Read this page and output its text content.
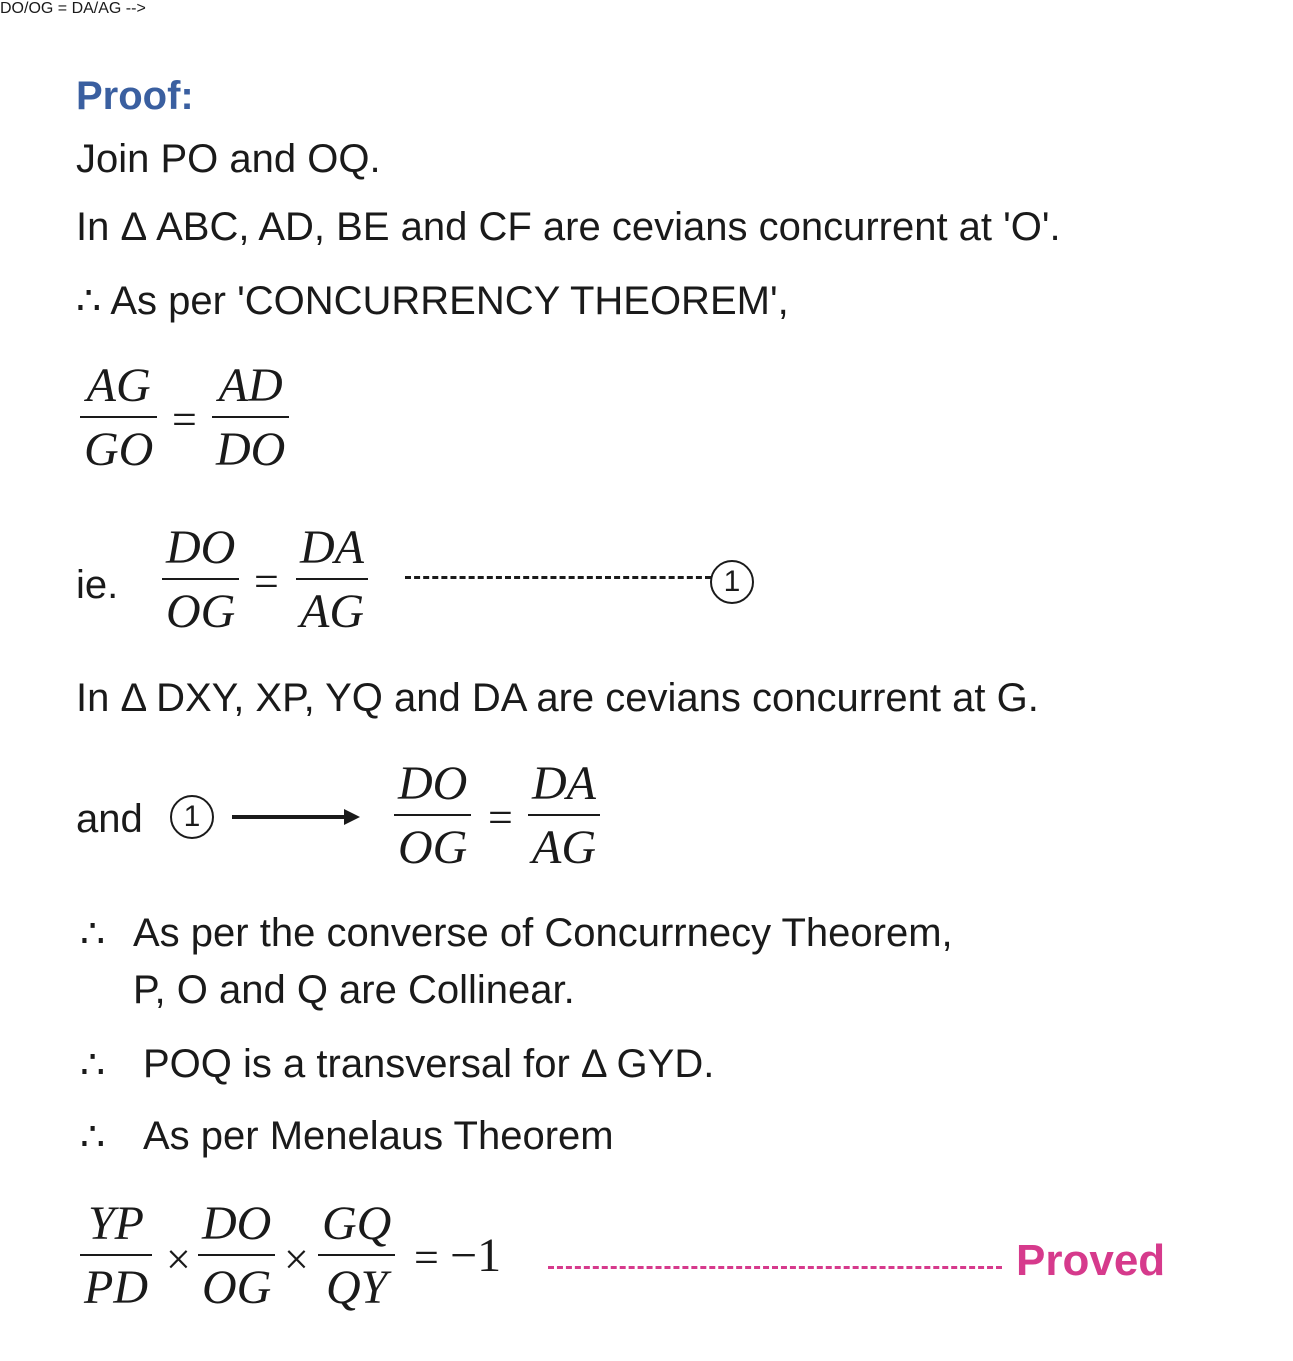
Proof:
Join PO and OQ.
In Δ ABC, AD, BE and CF are cevians concurrent at 'O'.
∴ As per 'CONCURRENCY THEOREM',
AG
GO
=
AD
DO
ie.
DO
OG
=
DA
AG
1
In Δ DXY, XP, YQ and DA are cevians concurrent at G.
DO/OG = DA/AG -->
and	1
DO
OG
=
DA
AG
∴ As per the converse of Concurrnecy Theorem,
P, O and Q are Collinear.
∴ POQ is a transversal for Δ GYD.
∴ As per Menelaus Theorem
YP
PD
×
DO
OG
×
GQ
QY
= −1	Proved
